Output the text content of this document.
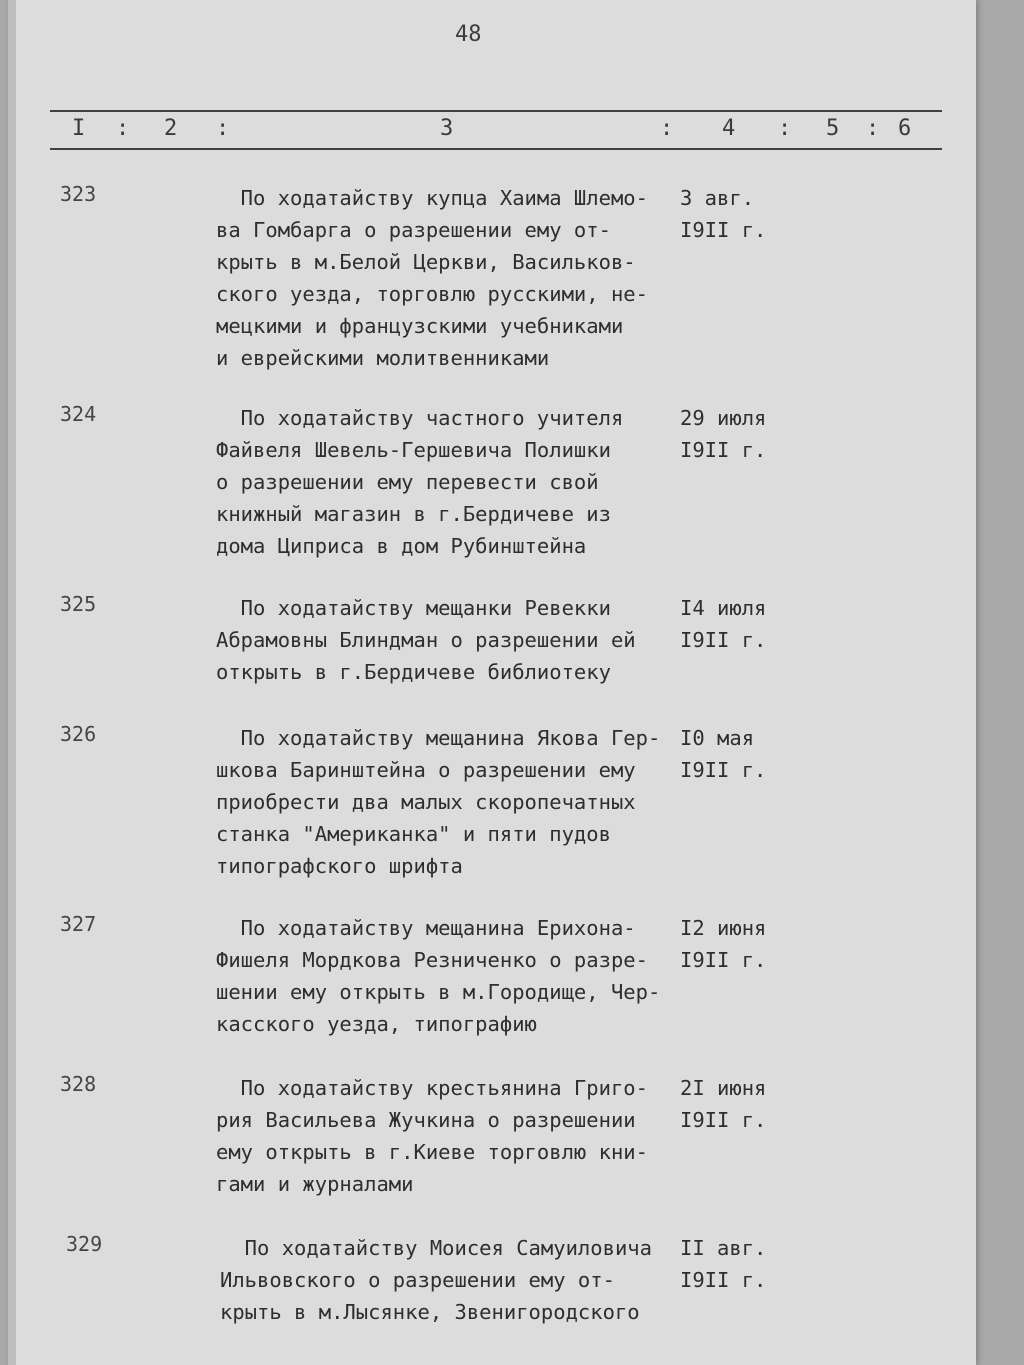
48
I : 2 :	3	: 4 : 5 : 6
323	По ходатайству купца Хаима Шлемо-
ва Гомбарга о разрешении ему от-
крыть в м.Белой Церкви, Васильков-
ского уезда, торговлю русскими, не-
мецкими и французскими учебниками
и еврейскими молитвенниками
3 авг.
I9II г.
324	По ходатайству частного учителя
Файвеля Шевель-Гершевича Полишки
о разрешении ему перевести свой
книжный магазин в г.Бердичеве из
дома Циприса в дом Рубинштейна
29 июля
I9II г.
325	По ходатайству мещанки Ревекки
Абрамовны Блиндман о разрешении ей
открыть в г.Бердичеве библиотеку
I4 июля
I9II г.
326	По ходатайству мещанина Якова Гер-
шкова Баринштейна о разрешении ему
приобрести два малых скоропечатных
станка "Американка" и пяти пудов
типографского шрифта
I0 мая
I9II г.
327	По ходатайству мещанина Ерихона-
Фишеля Мордкова Резниченко о разре-
шении ему открыть в м.Городище, Чер-
касского уезда, типографию
I2 июня
I9II г.
328	По ходатайству крестьянина Григо-
рия Васильева Жучкина о разрешении
ему открыть в г.Киеве торговлю кни-
гами и журналами
2I июня
I9II г.
329	По ходатайству Моисея Самуиловича
Ильвовского о разрешении ему от-
крыть в м.Лысянке, Звенигородского
II авг.
I9II г.
